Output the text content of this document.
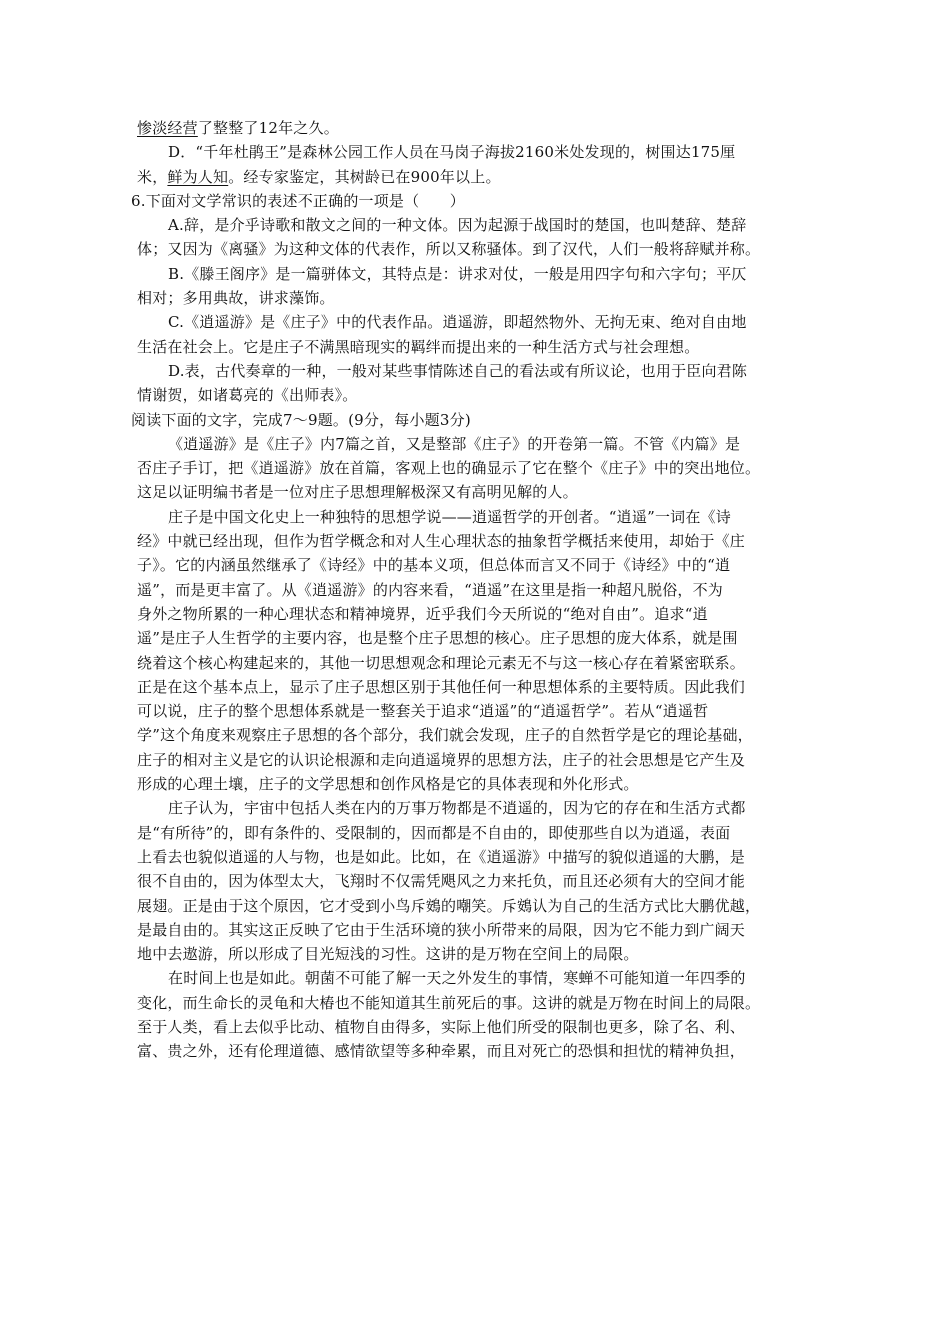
惨淡经营了整整了12年之久。
D．“千年杜鹃王”是森林公园工作人员在马岗子海拔2160米处发现的，树围达175厘
米，鲜为人知。经专家鉴定，其树龄已在900年以上。
6.下面对文学常识的表述不正确的一项是（　　）
A.辞，是介乎诗歌和散文之间的一种文体。因为起源于战国时的楚国，也叫楚辞、楚辞
体；又因为《离骚》为这种文体的代表作，所以又称骚体。到了汉代，人们一般将辞赋并称。
B.《滕王阁序》是一篇骈体文，其特点是：讲求对仗，一般是用四字句和六字句；平仄
相对；多用典故，讲求藻饰。
C.《逍遥游》是《庄子》中的代表作品。逍遥游，即超然物外、无拘无束、绝对自由地
生活在社会上。它是庄子不满黑暗现实的羁绊而提出来的一种生活方式与社会理想。
D.表，古代奏章的一种，一般对某些事情陈述自己的看法或有所议论，也用于臣向君陈
情谢贺，如诸葛亮的《出师表》。
阅读下面的文字，完成7～9题。(9分，每小题3分)
《逍遥游》是《庄子》内7篇之首，又是整部《庄子》的开卷第一篇。不管《内篇》是
否庄子手订，把《逍遥游》放在首篇，客观上也的确显示了它在整个《庄子》中的突出地位。
这足以证明编书者是一位对庄子思想理解极深又有高明见解的人。
庄子是中国文化史上一种独特的思想学说——逍遥哲学的开创者。“逍遥”一词在《诗
经》中就已经出现，但作为哲学概念和对人生心理状态的抽象哲学概括来使用，却始于《庄
子》。它的内涵虽然继承了《诗经》中的基本义项，但总体而言又不同于《诗经》中的“逍
遥”，而是更丰富了。从《逍遥游》的内容来看，“逍遥”在这里是指一种超凡脱俗，不为
身外之物所累的一种心理状态和精神境界，近乎我们今天所说的“绝对自由”。追求“逍
遥”是庄子人生哲学的主要内容，也是整个庄子思想的核心。庄子思想的庞大体系，就是围
绕着这个核心构建起来的，其他一切思想观念和理论元素无不与这一核心存在着紧密联系。
正是在这个基本点上，显示了庄子思想区别于其他任何一种思想体系的主要特质。因此我们
可以说，庄子的整个思想体系就是一整套关于追求“逍遥”的“逍遥哲学”。若从“逍遥哲
学”这个角度来观察庄子思想的各个部分，我们就会发现，庄子的自然哲学是它的理论基础，
庄子的相对主义是它的认识论根源和走向逍遥境界的思想方法，庄子的社会思想是它产生及
形成的心理土壤，庄子的文学思想和创作风格是它的具体表现和外化形式。
庄子认为，宇宙中包括人类在内的万事万物都是不逍遥的，因为它的存在和生活方式都
是“有所待”的，即有条件的、受限制的，因而都是不自由的，即使那些自以为逍遥，表面
上看去也貌似逍遥的人与物，也是如此。比如，在《逍遥游》中描写的貌似逍遥的大鹏，是
很不自由的，因为体型太大，飞翔时不仅需凭飓风之力来托负，而且还必须有大的空间才能
展翅。正是由于这个原因，它才受到小鸟斥鴳的嘲笑。斥鴳认为自己的生活方式比大鹏优越，
是最自由的。其实这正反映了它由于生活环境的狭小所带来的局限，因为它不能力到广阔天
地中去遨游，所以形成了目光短浅的习性。这讲的是万物在空间上的局限。
在时间上也是如此。朝菌不可能了解一天之外发生的事情，寒蝉不可能知道一年四季的
变化，而生命长的灵龟和大椿也不能知道其生前死后的事。这讲的就是万物在时间上的局限。
至于人类，看上去似乎比动、植物自由得多，实际上他们所受的限制也更多，除了名、利、
富、贵之外，还有伦理道德、感情欲望等多种牵累，而且对死亡的恐惧和担忧的精神负担，
